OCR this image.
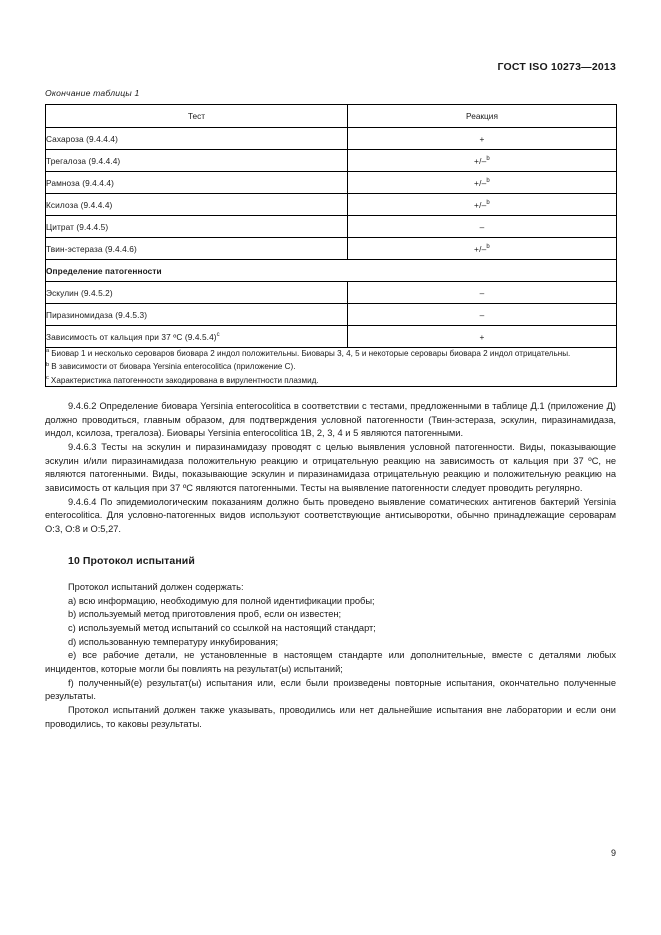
ГОСТ ISO 10273—2013
Окончание таблицы 1
Тест	Реакция
Сахароза (9.4.4.4)	+
Трегалоза (9.4.4.4)	+/–$^b$
Рамноза (9.4.4.4)	+/–$^b$
Ксилоза (9.4.4.4)	+/–$^b$
Цитрат (9.4.4.5)	–
Твин-эстераза (9.4.4.6)	+/–$^b$
Определение патогенности	
Эскулин (9.4.5.2)	–
Пиразиномидаза (9.4.5.3)	–
Зависимость от кальция при 37 ºС $(9.4.5.4)^c$	+

$^a$ Биовар 1 и несколько сероваров биовара 2 индол положительны. Биовары 3, 4, 5 и некоторые серовары биовара 2 индол отрицательны.

$^b$ В зависимости от биовара Yersinia enterocolitica (приложение С).

$^c$ Характеристика патогенности закодирована в вирулентности плазмид.	

9.4.6.2 Определение биовара Yersinia enterocolitica в соответствии с тестами, предложенными в таблице Д.1 (приложение Д) должно проводиться, главным образом, для подтверждения условной патогенности (Твин-эстераза, эскулин, пиразинамидаза, индол, ксилоза, трегалоза). Биовары Yersinia enterocolitica 1В, 2, 3, 4 и 5 являются патогенными.

9.4.6.3 Тесты на эскулин и пиразинамидазу проводят с целью выявления условной патогенности. Виды, показывающие эскулин и/или пиразинамидаза положительную реакцию и отрицательную реакцию на зависимость от кальция при 37 ºС, не являются патогенными. Виды, показывающие эскулин и пиразинамидаза отрицательную реакцию и положительную реакцию на зависимость от кальция при 37 ºС являются патогенными. Тесты на выявление патогенности следует проводить регулярно.

9.4.6.4 По эпидемиологическим показаниям должно быть проведено выявление соматических антигенов бактерий Yersinia enterocolitica. Для условно-патогенных видов используют соответствующие антисыворотки, обычно принадлежащие сероварам О:3, О:8 и О:5,27.

10 Протокол испытаний

Протокол испытаний должен содержать:

a) всю информацию, необходимую для полной идентификации пробы;

b) используемый метод приготовления проб, если он известен;

c) используемый метод испытаний со ссылкой на настоящий стандарт;

d) использованную температуру инкубирования;

e) все рабочие детали, не установленные в настоящем стандарте или дополнительные, вместе с деталями любых инцидентов, которые могли бы повлиять на результат(ы) испытаний;

f) полученный(е) результат(ы) испытания или, если были произведены повторные испытания, окончательно полученные результаты.

Протокол испытаний должен также указывать, проводились или нет дальнейшие испытания вне лаборатории и если они проводились, то каковы результаты.

9
